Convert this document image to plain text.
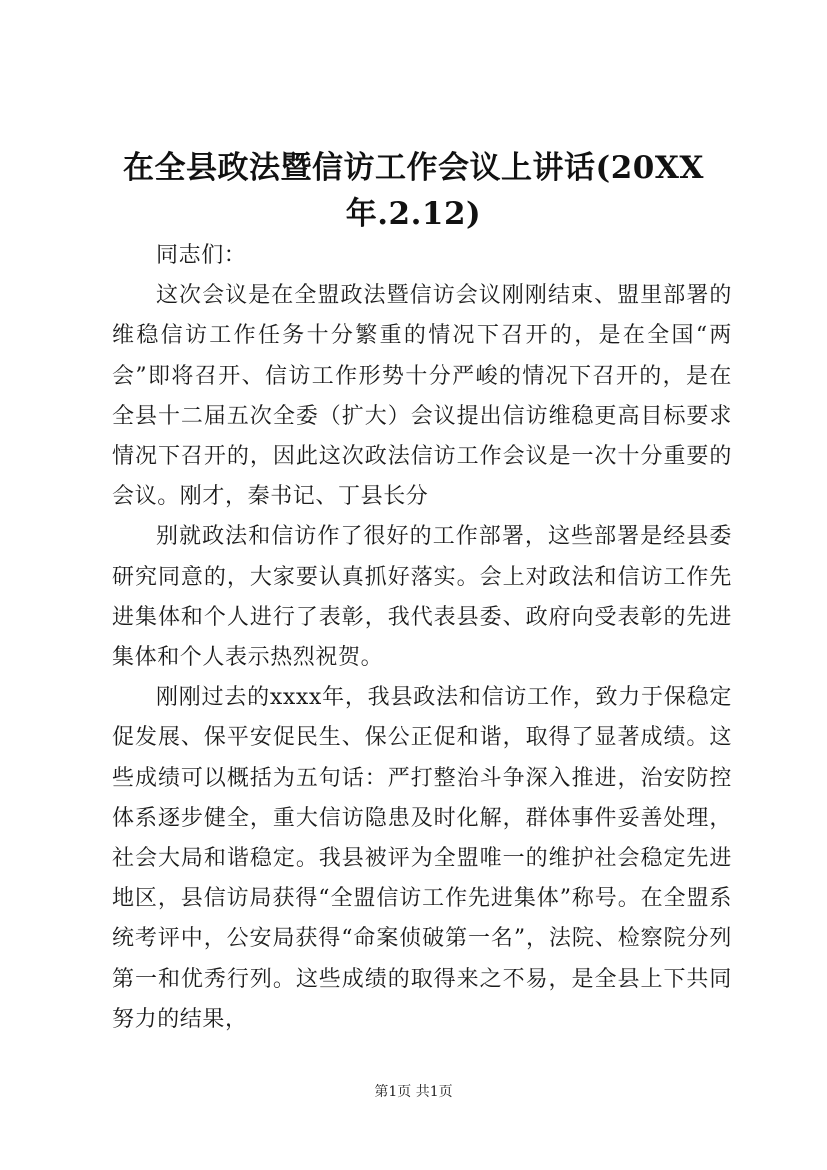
在全县政法暨信访工作会议上讲话(20XX
年.2.12)

同志们：

这次会议是在全盟政法暨信访会议刚刚结束、盟里部署的维稳信访工作任务十分繁重的情况下召开的，是在全国“两会”即将召开、信访工作形势十分严峻的情况下召开的，是在全县十二届五次全委（扩大）会议提出信访维稳更高目标要求情况下召开的，因此这次政法信访工作会议是一次十分重要的会议。刚才，秦书记、丁县长分

别就政法和信访作了很好的工作部署，这些部署是经县委研究同意的，大家要认真抓好落实。会上对政法和信访工作先进集体和个人进行了表彰，我代表县委、政府向受表彰的先进集体和个人表示热烈祝贺。

刚刚过去的xxxx年，我县政法和信访工作，致力于保稳定促发展、保平安促民生、保公正促和谐，取得了显著成绩。这些成绩可以概括为五句话：严打整治斗争深入推进，治安防控体系逐步健全，重大信访隐患及时化解，群体事件妥善处理，社会大局和谐稳定。我县被评为全盟唯一的维护社会稳定先进地区，县信访局获得“全盟信访工作先进集体”称号。在全盟系统考评中，公安局获得“命案侦破第一名”，法院、检察院分列第一和优秀行列。这些成绩的取得来之不易，是全县上下共同努力的结果，

第1页 共1页
